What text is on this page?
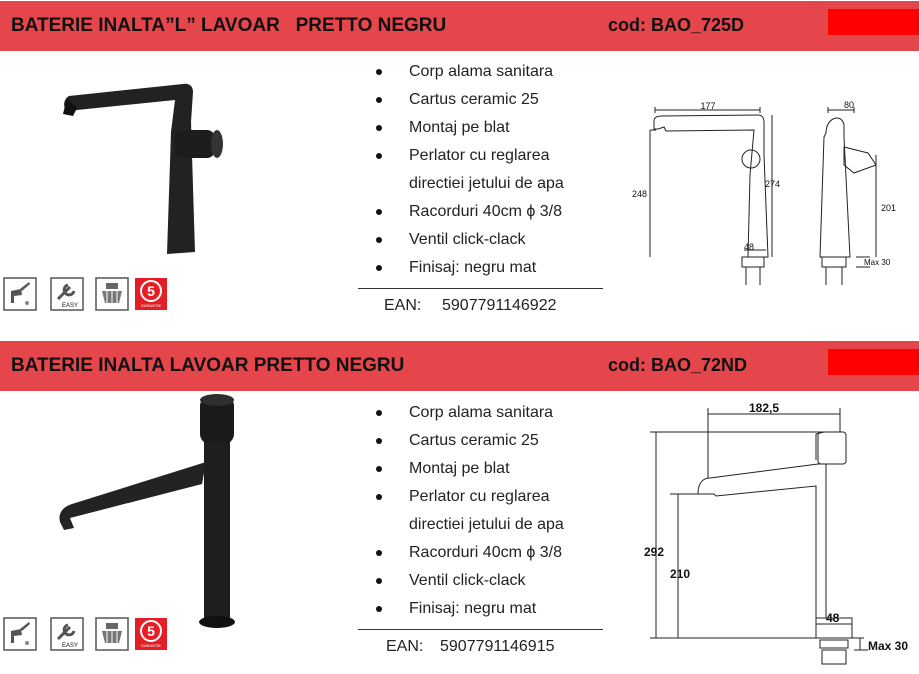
BATERIE INALTA”L” LAVOAR   PRETTO NEGRU	cod: BAO_725D
EASY
5
GARANTIE
Corp alama sanitara
Cartus ceramic 25
Montaj pe blat
Perlator cu reglarea
directiei jetului de apa
Racorduri 40cm ϕ 3/8
Ventil click-clack
Finisaj: negru mat
EAN: 5907791146922
177
248
274
48
80
201
Max 30
BATERIE INALTA LAVOAR PRETTO NEGRU	cod: BAO_72ND
EASY
5
GARANTIE
Corp alama sanitara
Cartus ceramic 25
Montaj pe blat
Perlator cu reglarea
directiei jetului de apa
Racorduri 40cm ϕ 3/8
Ventil click-clack
Finisaj: negru mat
EAN: 5907791146915
182,5
292
210
48
Max 30
